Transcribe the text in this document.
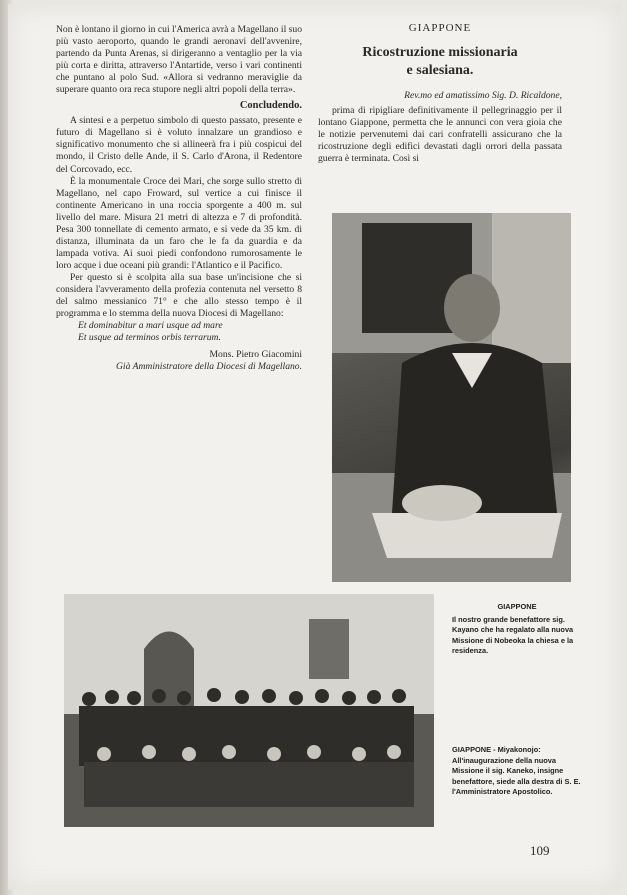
Non è lontano il giorno in cui l'America avrà a Magellano il suo più vasto aeroporto, quando le grandi aeronavi dell'avvenire, partendo da Punta Arenas, si dirigeranno a ventaglio per la via più corta e diritta, attraverso l'Antartide, verso i vari continenti che puntano al polo Sud. «Allora si vedranno meraviglie da superare quanto ora reca stupore negli altri popoli della terra».

Concludendo.

A sintesi e a perpetuo simbolo di questo passato, presente e futuro di Magellano si è voluto innalzare un grandioso e significativo monumento che si allineerà fra i più cospicui del mondo, il Cristo delle Ande, il S. Carlo d'Arona, il Redentore del Corcovado, ecc.

È la monumentale Croce dei Mari, che sorge sullo stretto di Magellano, nel capo Froward, sul vertice a cui finisce il continente Americano in una roccia sporgente a 400 m. sul livello del mare. Misura 21 metri di altezza e 7 di profondità. Pesa 300 tonnellate di cemento armato, e si vede da 35 km. di distanza, illuminata da un faro che le fa da guardia e da lampada votiva. Ai suoi piedi confondono rumorosamente le loro acque i due oceani più grandi: l'Atlantico e il Pacifico.

Per questo si è scolpita alla sua base un'incisione che si considera l'avveramento della profezia contenuta nel versetto 8 del salmo messianico 71° e che allo stesso tempo è il programma e lo stemma della nuova Diocesi di Magellano:

Et dominabitur a mari usque ad mare

Et usque ad terminos orbis terrarum.

Mons. Pietro Giacomini

Già Amministratore della Diocesi di Magellano.

GIAPPONE
Ricostruzione missionaria
e salesiana.
Rev.mo ed amatissimo Sig. D. Ricaldone,

prima di ripigliare definitivamente il pellegrinaggio per il lontano Giappone, permetta che le annunci con vera gioia che le notizie pervenutemi dai cari confratelli assicurano che la ricostruzione degli edifici devastati dagli orrori della passata guerra è terminata. Così si

GIAPPONE
Il nostro grande benefattore sig. Kayano che ha regalato alla nuova Missione di Nobeoka la chiesa e la residenza.
GIAPPONE - Miyakonojo: All'inaugurazione della nuova Missione il sig. Kaneko, insigne benefattore, siede alla destra di S. E. l'Amministratore Apostolico.
109
